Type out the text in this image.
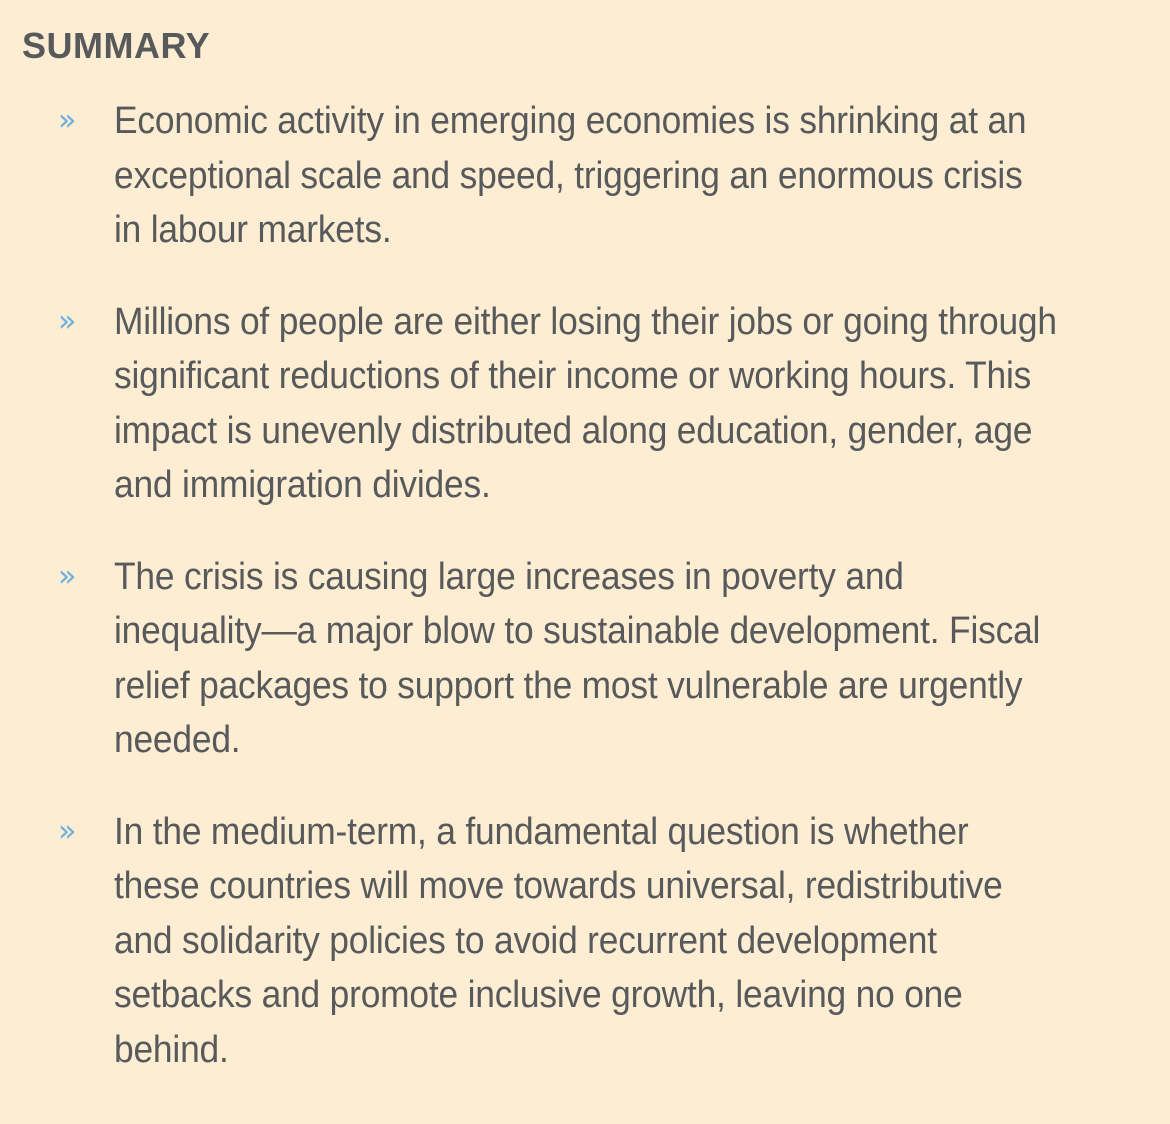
SUMMARY
» Economic activity in emerging economies is shrinking at an exceptional scale and speed, triggering an enormous crisis in labour markets.
» Millions of people are either losing their jobs or going through significant reductions of their income or working hours. This impact is unevenly distributed along education, gender, age and immigration divides.
» The crisis is causing large increases in poverty and inequality—a major blow to sustainable development. Fiscal relief packages to support the most vulnerable are urgently needed.
» In the medium-term, a fundamental question is whether these countries will move towards universal, redistributive and solidarity policies to avoid recurrent development setbacks and promote inclusive growth, leaving no one behind.
